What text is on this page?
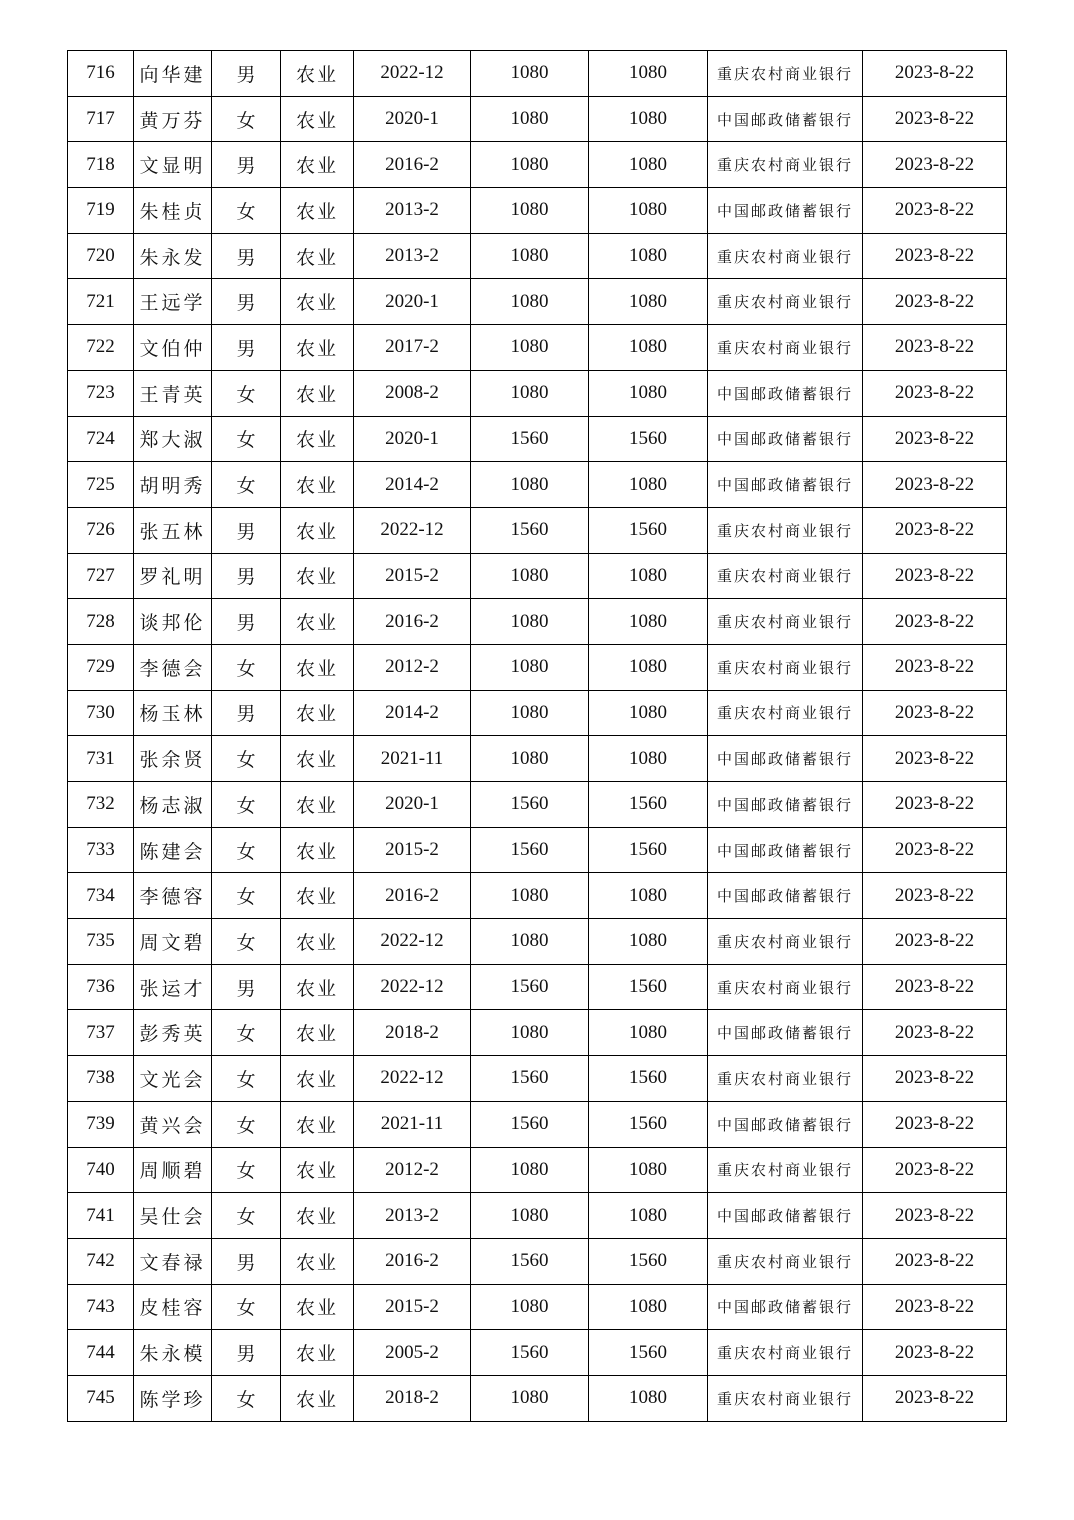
716	向华建	男	农业	2022-12	1080	1080	重庆农村商业银行	2023-8-22
717	黄万芬	女	农业	2020-1	1080	1080	中国邮政储蓄银行	2023-8-22
718	文显明	男	农业	2016-2	1080	1080	重庆农村商业银行	2023-8-22
719	朱桂贞	女	农业	2013-2	1080	1080	中国邮政储蓄银行	2023-8-22
720	朱永发	男	农业	2013-2	1080	1080	重庆农村商业银行	2023-8-22
721	王远学	男	农业	2020-1	1080	1080	重庆农村商业银行	2023-8-22
722	文伯仲	男	农业	2017-2	1080	1080	重庆农村商业银行	2023-8-22
723	王青英	女	农业	2008-2	1080	1080	中国邮政储蓄银行	2023-8-22
724	郑大淑	女	农业	2020-1	1560	1560	中国邮政储蓄银行	2023-8-22
725	胡明秀	女	农业	2014-2	1080	1080	中国邮政储蓄银行	2023-8-22
726	张五林	男	农业	2022-12	1560	1560	重庆农村商业银行	2023-8-22
727	罗礼明	男	农业	2015-2	1080	1080	重庆农村商业银行	2023-8-22
728	谈邦伦	男	农业	2016-2	1080	1080	重庆农村商业银行	2023-8-22
729	李德会	女	农业	2012-2	1080	1080	重庆农村商业银行	2023-8-22
730	杨玉林	男	农业	2014-2	1080	1080	重庆农村商业银行	2023-8-22
731	张余贤	女	农业	2021-11	1080	1080	中国邮政储蓄银行	2023-8-22
732	杨志淑	女	农业	2020-1	1560	1560	中国邮政储蓄银行	2023-8-22
733	陈建会	女	农业	2015-2	1560	1560	中国邮政储蓄银行	2023-8-22
734	李德容	女	农业	2016-2	1080	1080	中国邮政储蓄银行	2023-8-22
735	周文碧	女	农业	2022-12	1080	1080	重庆农村商业银行	2023-8-22
736	张运才	男	农业	2022-12	1560	1560	重庆农村商业银行	2023-8-22
737	彭秀英	女	农业	2018-2	1080	1080	中国邮政储蓄银行	2023-8-22
738	文光会	女	农业	2022-12	1560	1560	重庆农村商业银行	2023-8-22
739	黄兴会	女	农业	2021-11	1560	1560	中国邮政储蓄银行	2023-8-22
740	周顺碧	女	农业	2012-2	1080	1080	重庆农村商业银行	2023-8-22
741	吴仕会	女	农业	2013-2	1080	1080	中国邮政储蓄银行	2023-8-22
742	文春禄	男	农业	2016-2	1560	1560	重庆农村商业银行	2023-8-22
743	皮桂容	女	农业	2015-2	1080	1080	中国邮政储蓄银行	2023-8-22
744	朱永模	男	农业	2005-2	1560	1560	重庆农村商业银行	2023-8-22
745	陈学珍	女	农业	2018-2	1080	1080	重庆农村商业银行	2023-8-22
